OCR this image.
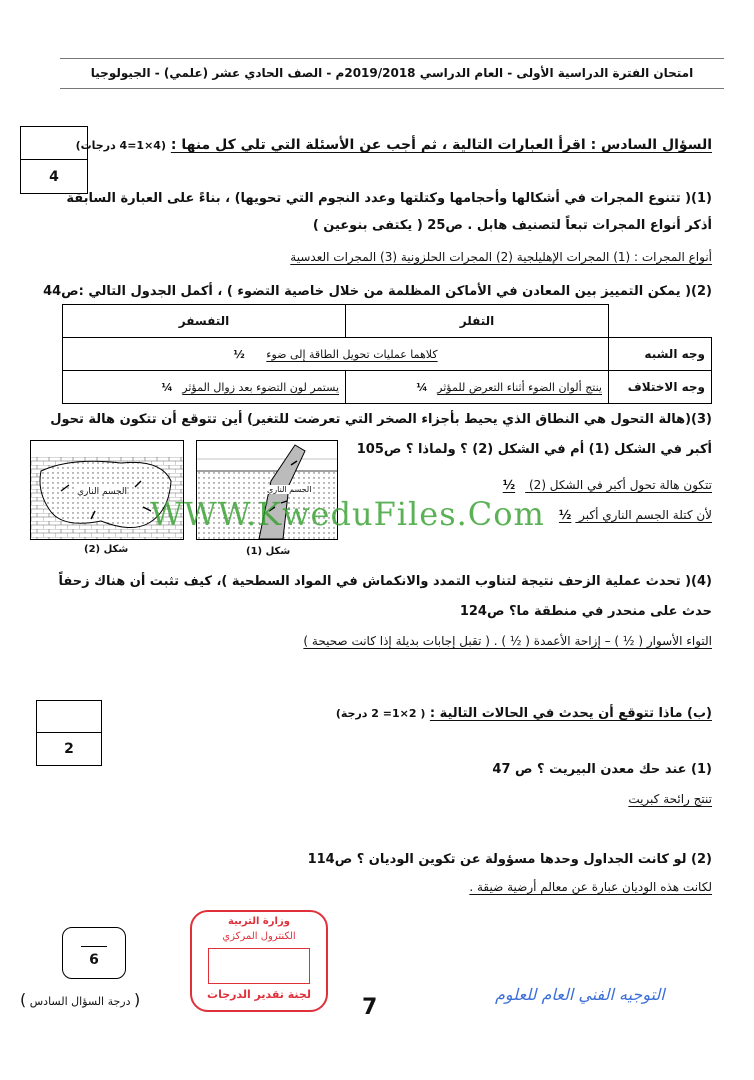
امتحان الفترة الدراسية الأولى - العام الدراسي 2019/2018م - الصف الحادي عشر (علمي) - الجيولوجيا
4
السؤال السادس : اقرأ العبارات التالية ، ثم أجب عن الأسئلة التي تلي كل منها : (4×1=4 درجات)
(1)( تتنوع المجرات في أشكالها وأحجامها وكتلتها وعدد النجوم التي تحويها) ، بناءً على العبارة السابقة
أذكر أنواع المجرات تبعاً لتصنيف هابل . ص25 ( يكتفى بنوعين )
أنواع المجرات : (1) المجرات الإهليلجية (2) المجرات الحلزونية (3) المجرات العدسية
(2)( يمكن التمييز بين المعادن في الأماكن المظلمة من خلال خاصية التضوء ) ، أكمل الجدول التالي :ص44
	التفلر	التفسفر
وجه الشبه	كلاهما عمليات تحويل الطاقة إلى ضوء ½	
وجه الاختلاف	ينتج ألوان الضوء أثناء التعرض للمؤثر ¼	يستمر لون التضوء بعد زوال المؤثر ¼
(3)(هالة التحول هي النطاق الذي يحيط بأجزاء الصخر التي تعرضت للتغير) أين تتوقع أن تتكون هالة تحول
أكبر في الشكل (1) أم في الشكل (2) ؟ ولماذا ؟ ص105
تتكون هالة تحول أكبر في الشكل (2) ½
لأن كتلة الجسم الناري أكبر ½
الجسم الناري
شكل (2)
الجسم الناري
شكل (1)
WWW.KweduFiles.Com
(4)( تحدث عملية الزحف نتيجة لتناوب التمدد والانكماش في المواد السطحية )، كيف تثبت أن هناك زحفاً
حدث على منحدر في منطقة ما؟ ص124
التواء الأسوار ( ½ ) – إزاحة الأعمدة ( ½ ) . ( تقبل إجابات بديلة إذا كانت صحيحة )
2
(ب) ماذا تتوقع أن يحدث في الحالات التالية : ( 2×1= 2 درجة)
(1) عند حك معدن البيريت ؟ ص 47
تنتج رائحة كبريت
(2) لو كانت الجداول وحدها مسؤولة عن تكوين الوديان ؟ ص114
لكانت هذه الوديان عبارة عن معالم أرضية ضيقة .
6
( درجة السؤال السادس )
وزارة التربية
الكنترول المركزي
لجنة تقدير الدرجات
7
التوجيه الفني العام للعلوم
